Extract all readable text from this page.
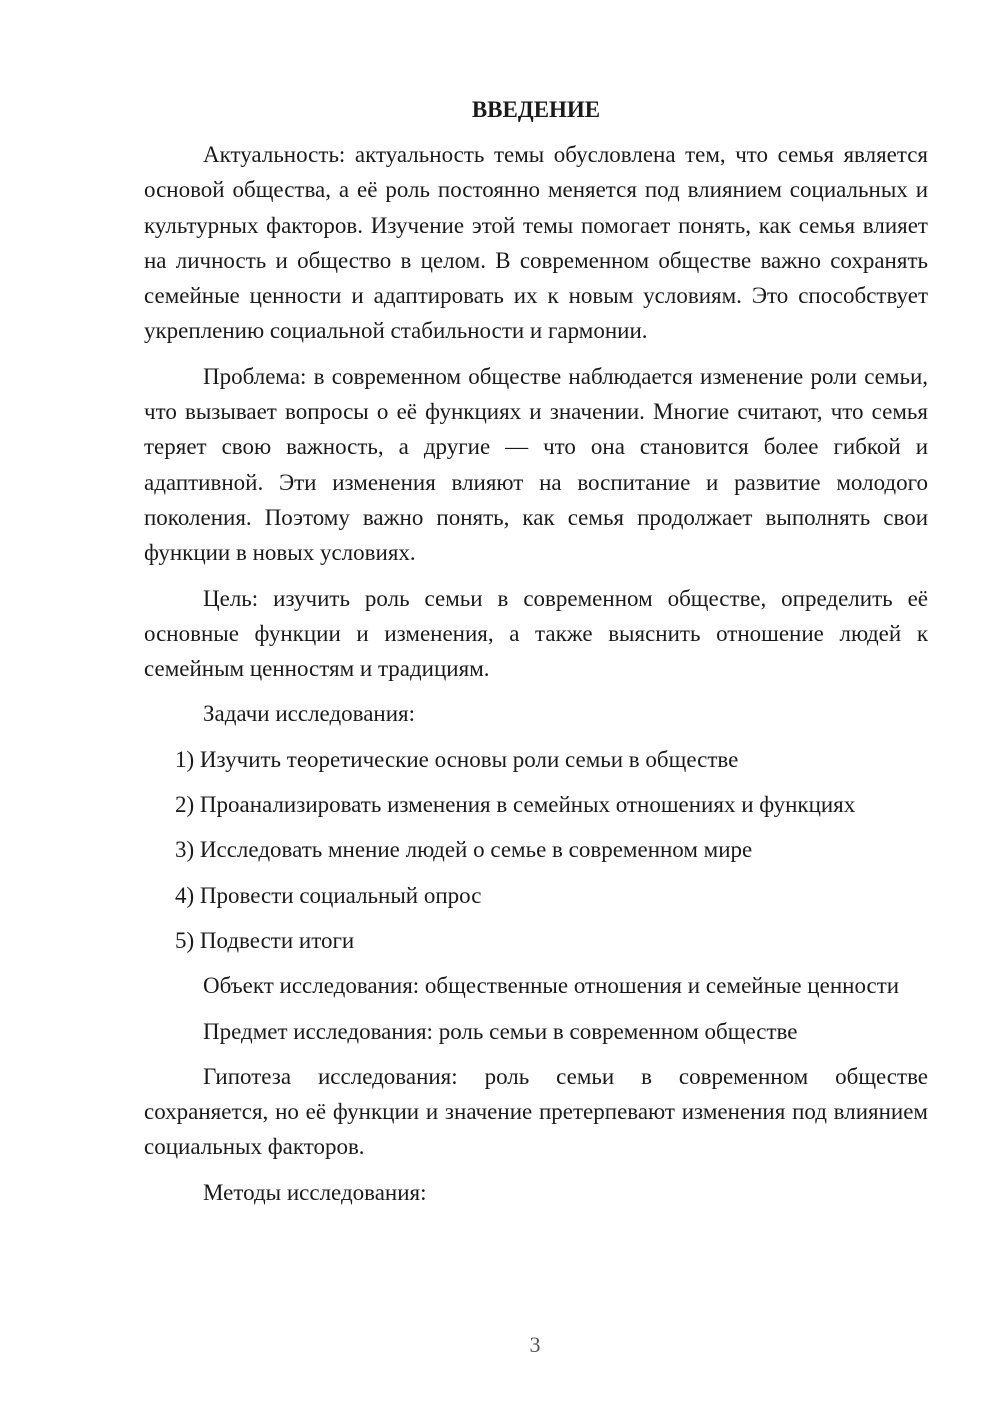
ВВЕДЕНИЕ
Актуальность: актуальность темы обусловлена тем, что семья является основой общества, а её роль постоянно меняется под влиянием социальных и культурных факторов. Изучение этой темы помогает понять, как семья влияет на личность и общество в целом. В современном обществе важно сохранять семейные ценности и адаптировать их к новым условиям. Это способствует укреплению социальной стабильности и гармонии.
Проблема: в современном обществе наблюдается изменение роли семьи, что вызывает вопросы о её функциях и значении. Многие считают, что семья теряет свою важность, а другие — что она становится более гибкой и адаптивной. Эти изменения влияют на воспитание и развитие молодого поколения. Поэтому важно понять, как семья продолжает выполнять свои функции в новых условиях.
Цель: изучить роль семьи в современном обществе, определить её основные функции и изменения, а также выяснить отношение людей к семейным ценностям и традициям.
Задачи исследования:
1) Изучить теоретические основы роли семьи в обществе
2) Проанализировать изменения в семейных отношениях и функциях
3) Исследовать мнение людей о семье в современном мире
4) Провести социальный опрос
5) Подвести итоги
Объект исследования: общественные отношения и семейные ценности
Предмет исследования: роль семьи в современном обществе
Гипотеза исследования: роль семьи в современном обществе сохраняется, но её функции и значение претерпевают изменения под влиянием социальных факторов.
Методы исследования:
3
